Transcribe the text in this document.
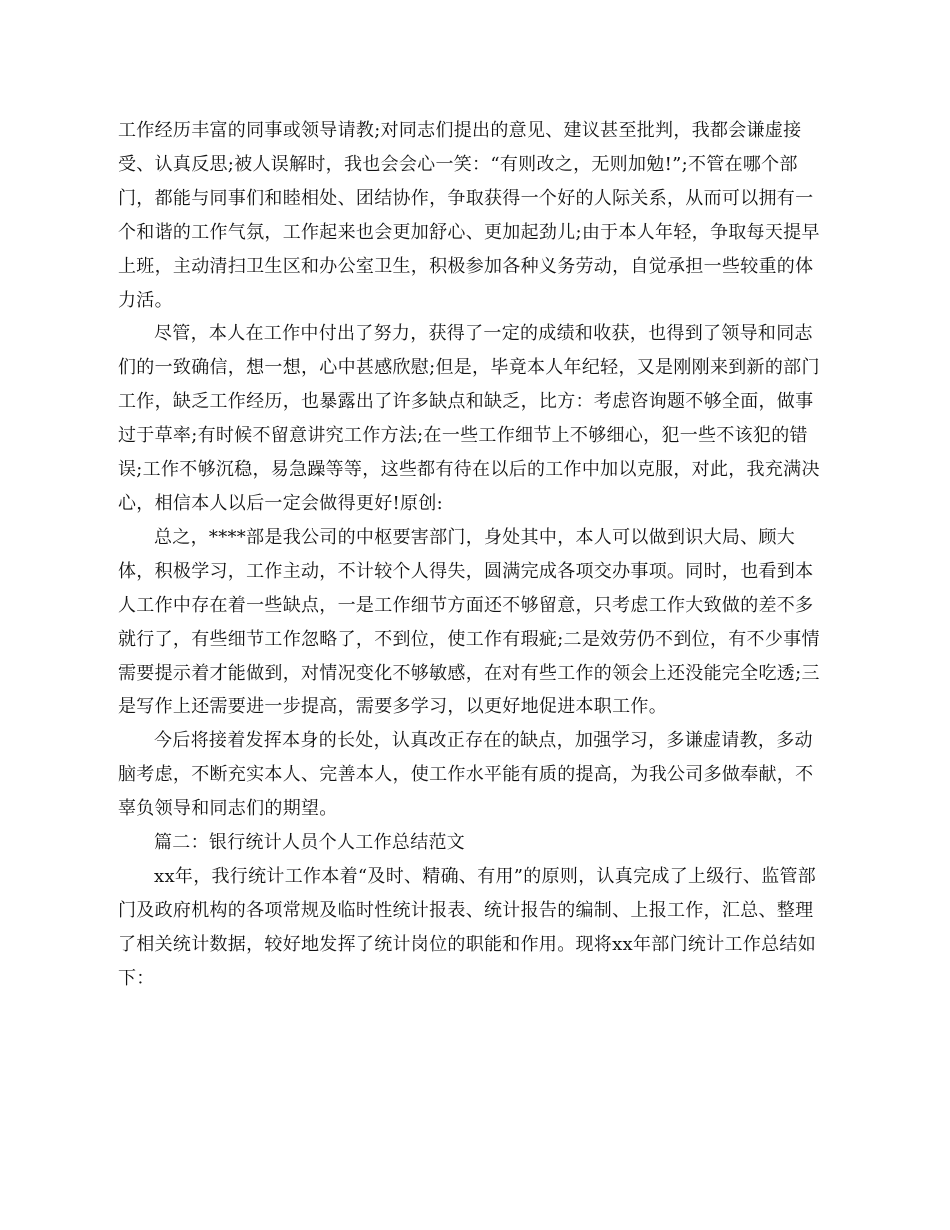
工作经历丰富的同事或领导请教;对同志们提出的意见、建议甚至批判，我都会谦虚接受、认真反思;被人误解时，我也会会心一笑：“有则改之，无则加勉!”;不管在哪个部门，都能与同事们和睦相处、团结协作，争取获得一个好的人际关系，从而可以拥有一个和谐的工作气氛，工作起来也会更加舒心、更加起劲儿;由于本人年轻，争取每天提早上班，主动清扫卫生区和办公室卫生，积极参加各种义务劳动，自觉承担一些较重的体力活。

尽管，本人在工作中付出了努力，获得了一定的成绩和收获，也得到了领导和同志们的一致确信，想一想，心中甚感欣慰;但是，毕竟本人年纪轻，又是刚刚来到新的部门工作，缺乏工作经历，也暴露出了许多缺点和缺乏，比方：考虑咨询题不够全面，做事过于草率;有时候不留意讲究工作方法;在一些工作细节上不够细心，犯一些不该犯的错误;工作不够沉稳，易急躁等等，这些都有待在以后的工作中加以克服，对此，我充满决心，相信本人以后一定会做得更好!原创:

总之，****部是我公司的中枢要害部门，身处其中，本人可以做到识大局、顾大体，积极学习，工作主动，不计较个人得失，圆满完成各项交办事项。同时，也看到本人工作中存在着一些缺点，一是工作细节方面还不够留意，只考虑工作大致做的差不多就行了，有些细节工作忽略了，不到位，使工作有瑕疵;二是效劳仍不到位，有不少事情需要提示着才能做到，对情况变化不够敏感，在对有些工作的领会上还没能完全吃透;三是写作上还需要进一步提高，需要多学习，以更好地促进本职工作。

今后将接着发挥本身的长处，认真改正存在的缺点，加强学习，多谦虚请教，多动脑考虑，不断充实本人、完善本人，使工作水平能有质的提高，为我公司多做奉献，不辜负领导和同志们的期望。

篇二：银行统计人员个人工作总结范文

xx年，我行统计工作本着“及时、精确、有用”的原则，认真完成了上级行、监管部门及政府机构的各项常规及临时性统计报表、统计报告的编制、上报工作，汇总、整理了相关统计数据，较好地发挥了统计岗位的职能和作用。现将xx年部门统计工作总结如下：
